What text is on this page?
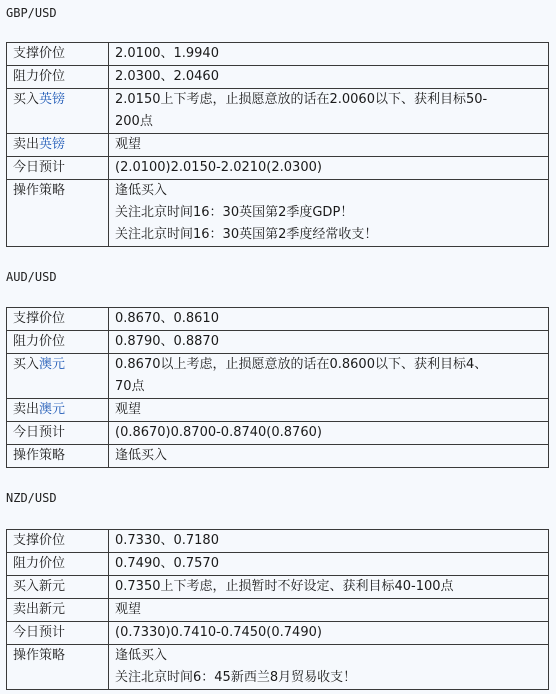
GBP/USD
支撑价位	2.0100、1.9940

阻力价位	2.0300、2.0460

买入英镑	2.0150上下考虑，止损愿意放的话在2.0060以下、获利目标50-
200点

卖出英镑	观望

今日预计	(2.0100)2.0150-2.0210(2.0300)

操作策略	逢低买入
关注北京时间16：30英国第2季度GDP！
关注北京时间16：30英国第2季度经常收支！
AUD/USD
支撑价位	0.8670、0.8610

阻力价位	0.8790、0.8870

买入澳元	0.8670以上考虑，止损愿意放的话在0.8600以下、获利目标4、
70点

卖出澳元	观望

今日预计	(0.8670)0.8700-0.8740(0.8760)

操作策略	逢低买入
NZD/USD
支撑价位	0.7330、0.7180

阻力价位	0.7490、0.7570

买入新元	0.7350上下考虑，止损暂时不好设定、获利目标40-100点

卖出新元	观望

今日预计	(0.7330)0.7410-0.7450(0.7490)

操作策略	逢低买入
关注北京时间6：45新西兰8月贸易收支！
